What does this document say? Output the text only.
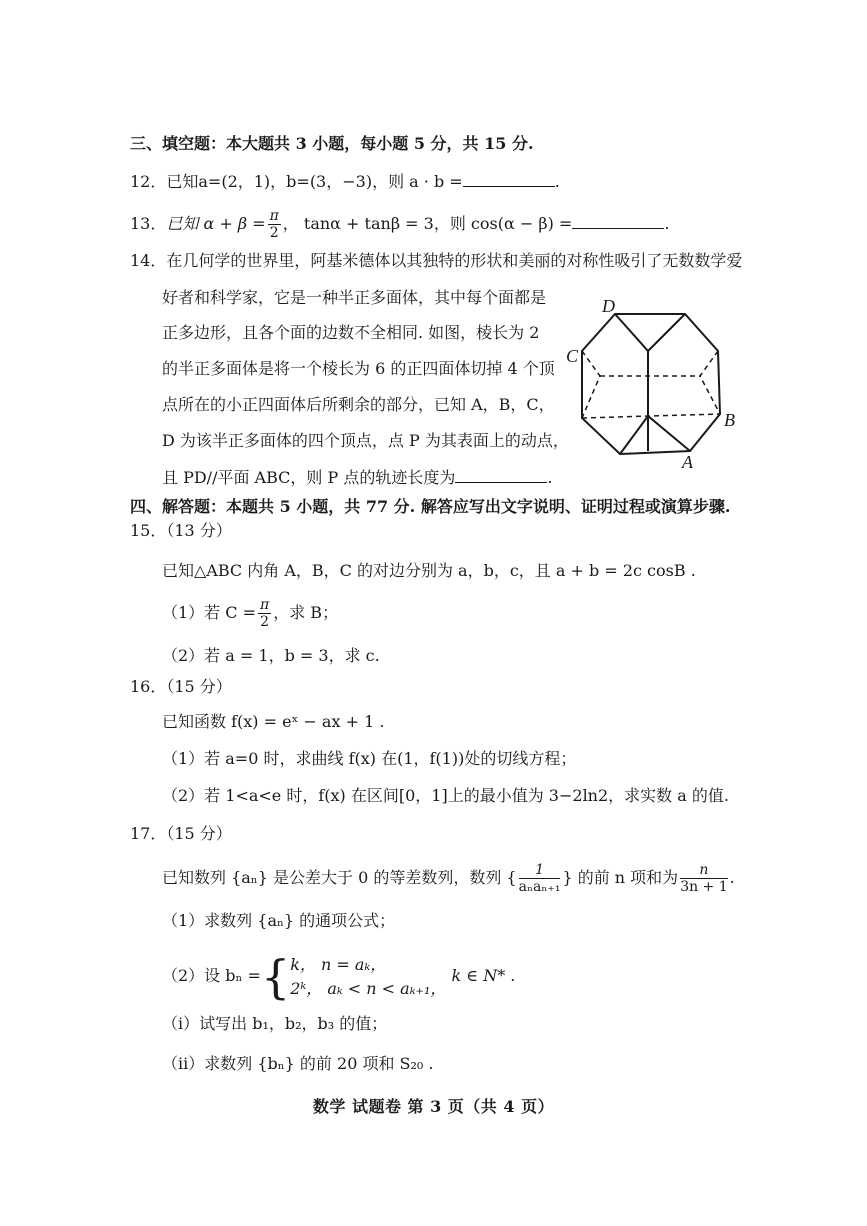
三、填空题：本大题共 3 小题，每小题 5 分，共 15 分.
12．已知a=(2，1)，b=(3，−3)，则 a · b =	.
13．已知 $\alpha + \beta = \frac{\pi}{2}$ ， tanα + tanβ = 3，则 cos(α − β) =	.
14．在几何学的世界里，阿基米德体以其独特的形状和美丽的对称性吸引了无数数学爱
好者和科学家，它是一种半正多面体，其中每个面都是
正多边形，且各个面的边数不全相同. 如图，棱长为 2
的半正多面体是将一个棱长为 6 的正四面体切掉 4 个顶
点所在的小正四面体后所剩余的部分，已知 A，B，C，
D 为该半正多面体的四个顶点，点 P 为其表面上的动点，
且 PD//平面 ABC，则 P 点的轨迹长度为	.
D
C
B
A
四、解答题：本题共 5 小题，共 77 分. 解答应写出文字说明、证明过程或演算步骤.
15．（13 分）
已知△ABC 内角 A，B，C 的对边分别为 a，b，c，且 a + b = 2c cosB .
（1）若 $C = \frac{\pi}{2}$ ，求 B；
（2）若 a = 1，b = 3，求 c.
16．（15 分）
已知函数 f(x) = eˣ − ax + 1 .
（1）若 a=0 时，求曲线 f(x) 在(1，f(1))处的切线方程；
（2）若 1<a<e 时，f(x) 在区间[0，1]上的最小值为 3−2ln2，求实数 a 的值.
17．（15 分）
已知数列 {aₙ} 是公差大于 0 的等差数列，数列 { $\frac{1}{\text{aₙaₙ₊₁}}$ } 的前 n 项和为 $\frac{n}{3n + 1}$ .
（1）求数列 {aₙ} 的通项公式；
（2）设 bₙ ={ k， n = aₖ，
2ᵏ， aₖ < n < aₖ₊₁，
k ∈ N* .
（i）试写出 b₁，b₂，b₃ 的值；
（ii）求数列 {bₙ} 的前 20 项和 S₂₀ .
数学 试题卷 第 3 页（共 4 页）
